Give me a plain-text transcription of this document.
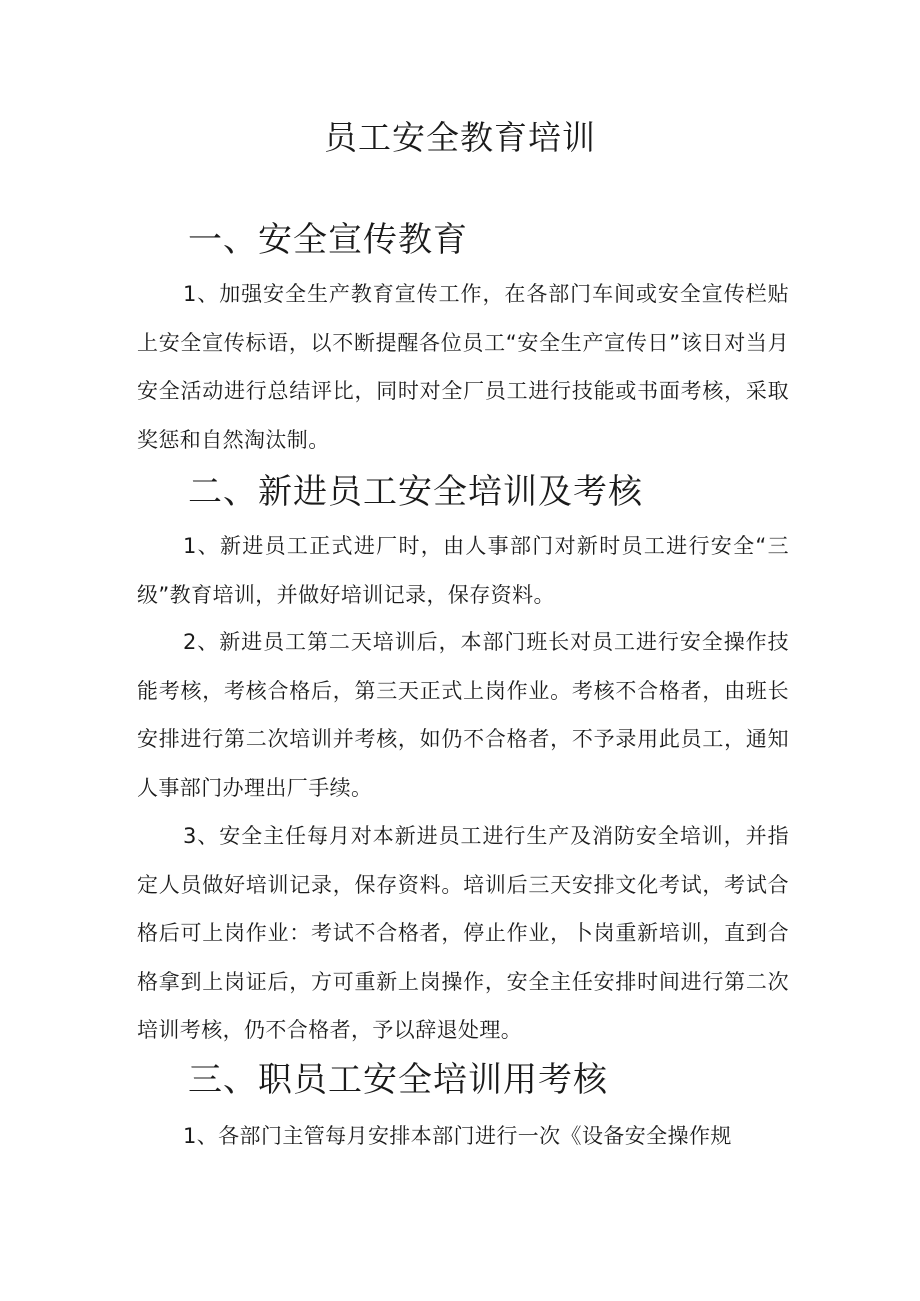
员工安全教育培训
一、安全宣传教育

1、加强安全生产教育宣传工作，在各部门车间或安全宣传栏贴上安全宣传标语，以不断提醒各位员工“安全生产宣传日”该日对当月安全活动进行总结评比，同时对全厂员工进行技能或书面考核，采取奖惩和自然淘汰制。

二、新进员工安全培训及考核

1、新进员工正式进厂时，由人事部门对新时员工进行安全“三级”教育培训，并做好培训记录，保存资料。

2、新进员工第二天培训后，本部门班长对员工进行安全操作技能考核，考核合格后，第三天正式上岗作业。考核不合格者，由班长安排进行第二次培训并考核，如仍不合格者，不予录用此员工，通知人事部门办理出厂手续。

3、安全主任每月对本新进员工进行生产及消防安全培训，并指定人员做好培训记录，保存资料。培训后三天安排文化考试，考试合格后可上岗作业：考试不合格者，停止作业，卜岗重新培训，直到合格拿到上岗证后，方可重新上岗操作，安全主任安排时间进行第二次培训考核，仍不合格者，予以辞退处理。

三、职员工安全培训用考核

1、各部门主管每月安排本部门进行一次《设备安全操作规
